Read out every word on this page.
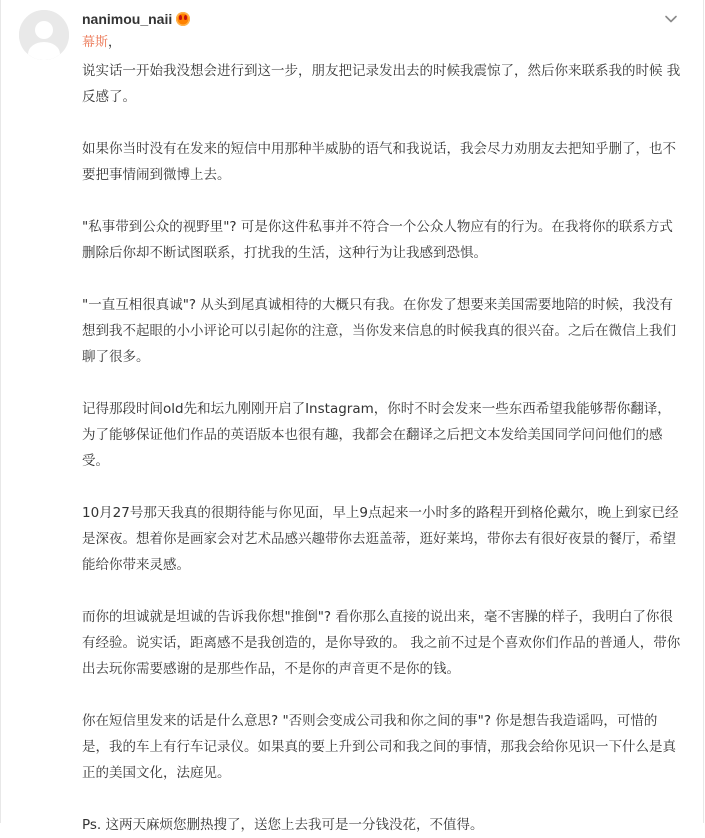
nanimou_naii
幕斯，

说实话一开始我没想会进行到这一步，朋友把记录发出去的时候我震惊了，然后你来联系我的时候 我反感了。

如果你当时没有在发来的短信中用那种半威胁的语气和我说话，我会尽力劝朋友去把知乎删了，也不要把事情闹到微博上去。

"私事带到公众的视野里"? 可是你这件私事并不符合一个公众人物应有的行为。在我将你的联系方式删除后你却不断试图联系，打扰我的生活，这种行为让我感到恐惧。

"一直互相很真诚"? 从头到尾真诚相待的大概只有我。在你发了想要来美国需要地陪的时候，我没有想到我不起眼的小小评论可以引起你的注意，当你发来信息的时候我真的很兴奋。之后在微信上我们聊了很多。

记得那段时间old先和坛九刚刚开启了Instagram，你时不时会发来一些东西希望我能够帮你翻译，为了能够保证他们作品的英语版本也很有趣，我都会在翻译之后把文本发给美国同学问问他们的感受。

10月27号那天我真的很期待能与你见面，早上9点起来一小时多的路程开到格伦戴尔，晚上到家已经是深夜。想着你是画家会对艺术品感兴趣带你去逛盖蒂，逛好莱坞，带你去有很好夜景的餐厅，希望能给你带来灵感。

而你的坦诚就是坦诚的告诉我你想"推倒"? 看你那么直接的说出来，毫不害臊的样子，我明白了你很有经验。说实话，距离感不是我创造的，是你导致的。 我之前不过是个喜欢你们作品的普通人，带你出去玩你需要感谢的是那些作品，不是你的声音更不是你的钱。

你在短信里发来的话是什么意思? "否则会变成公司我和你之间的事"? 你是想告我造谣吗，可惜的是，我的车上有行车记录仪。如果真的要上升到公司和我之间的事情，那我会给你见识一下什么是真正的美国文化，法庭见。

Ps. 这两天麻烦您删热搜了，送您上去我可是一分钱没花，不值得。
